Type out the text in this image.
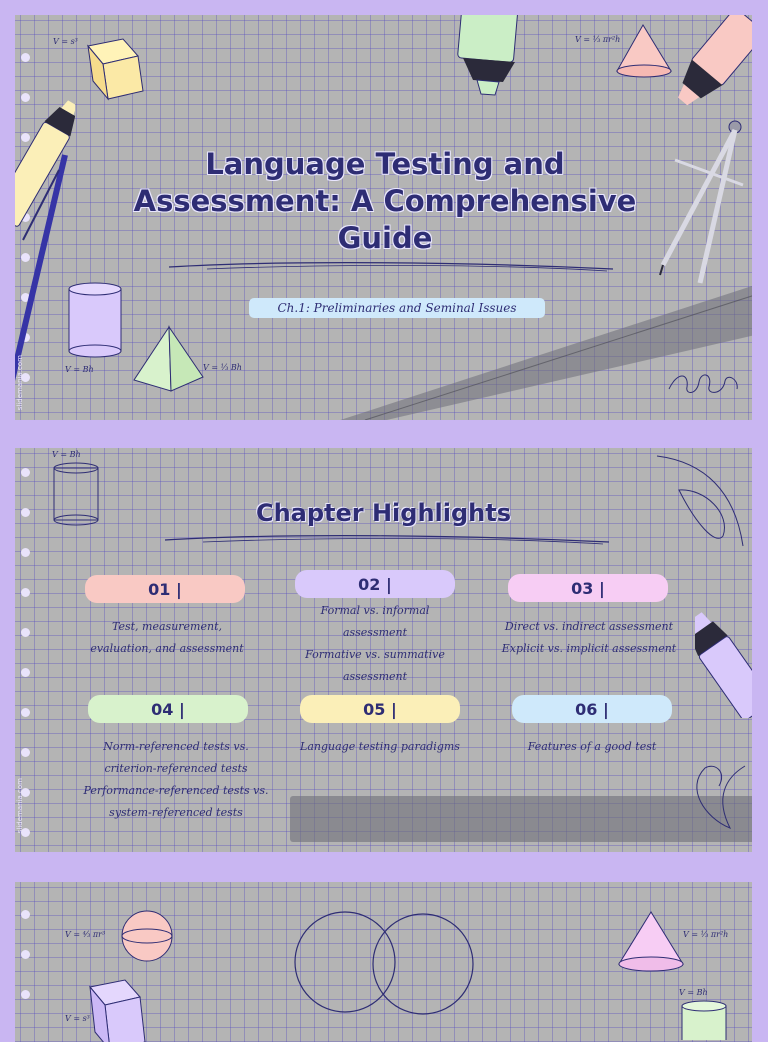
V = s³	V = ⅓ πr²h
Language Testing and
Assessment: A Comprehensive
Guide
Ch.1: Preliminaries and Seminal Issues
V = Bh	V = ⅓ Bh
slidemania.com
V = Bh
Chapter Highlights
01 |
Test, measurement,
evaluation, and assessment
02 |
Formal vs. informal
assessment
Formative vs. summative
assessment
03 |
Direct vs. indirect assessment
Explicit vs. implicit assessment
04 |
Norm-referenced tests vs.
criterion-referenced tests
Performance-referenced tests vs.
system-referenced tests
05 |
Language testing paradigms
06 |
Features of a good test
slidemania.com
V = ⁴⁄₃ πr³	V = ⅓ πr²h
V = Bh
V = s³
